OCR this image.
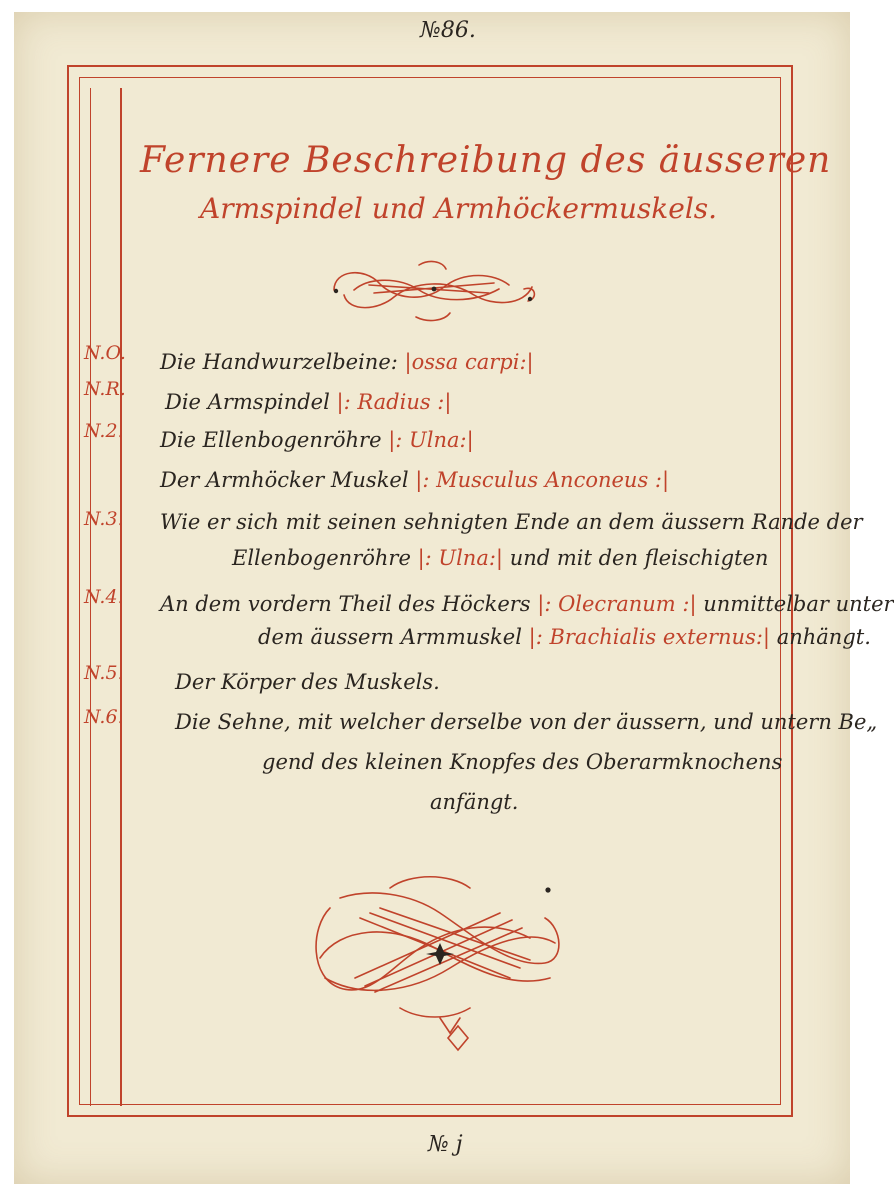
№86.
Fernere Beschreibung des äusseren
Armspindel und Armhöckermuskels.
N.O. Die Handwurzelbeine: |ossa carpi:|
N.R.
Die Armspindel |: Radius :|
N.2. Die Ellenbogenröhre |: Ulna:|
Der Armhöcker Muskel |: Musculus Anconeus :|
N.3. Wie er sich mit seinen sehnigten Ende an dem äussern Rande der
Ellenbogenröhre |: Ulna:| und mit den fleischigten
N.4. An dem vordern Theil des Höckers |: Olecranum :| unmittelbar unter
dem äussern Armmuskel |: Brachialis externus:| anhängt.
N.5. Der Körper des Muskels.
N.6. Die Sehne, mit welcher derselbe von der äussern, und untern Be„
gend des kleinen Knopfes des Oberarmknochens
anfängt.
№ j
